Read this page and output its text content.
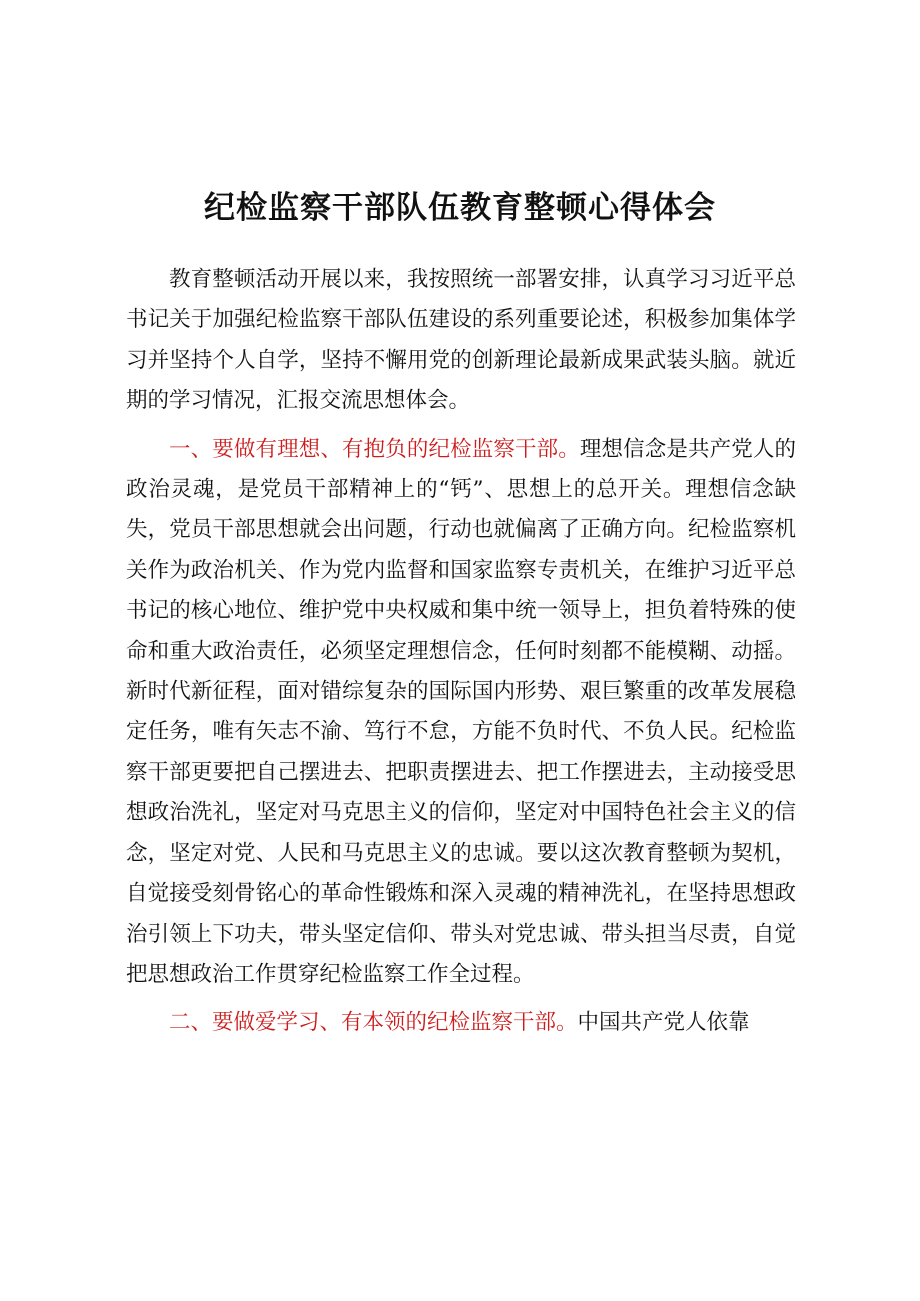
纪检监察干部队伍教育整顿心得体会

教育整顿活动开展以来，我按照统一部署安排，认真学习习近平总书记关于加强纪检监察干部队伍建设的系列重要论述，积极参加集体学习并坚持个人自学，坚持不懈用党的创新理论最新成果武装头脑。就近期的学习情况，汇报交流思想体会。

一、要做有理想、有抱负的纪检监察干部。理想信念是共产党人的政治灵魂，是党员干部精神上的“钙”、思想上的总开关。理想信念缺失，党员干部思想就会出问题，行动也就偏离了正确方向。纪检监察机关作为政治机关、作为党内监督和国家监察专责机关，在维护习近平总书记的核心地位、维护党中央权威和集中统一领导上，担负着特殊的使命和重大政治责任，必须坚定理想信念，任何时刻都不能模糊、动摇。新时代新征程，面对错综复杂的国际国内形势、艰巨繁重的改革发展稳定任务，唯有矢志不渝、笃行不怠，方能不负时代、不负人民。纪检监察干部更要把自己摆进去、把职责摆进去、把工作摆进去，主动接受思想政治洗礼，坚定对马克思主义的信仰，坚定对中国特色社会主义的信念，坚定对党、人民和马克思主义的忠诚。要以这次教育整顿为契机，自觉接受刻骨铭心的革命性锻炼和深入灵魂的精神洗礼，在坚持思想政治引领上下功夫，带头坚定信仰、带头对党忠诚、带头担当尽责，自觉把思想政治工作贯穿纪检监察工作全过程。

二、要做爱学习、有本领的纪检监察干部。中国共产党人依靠
